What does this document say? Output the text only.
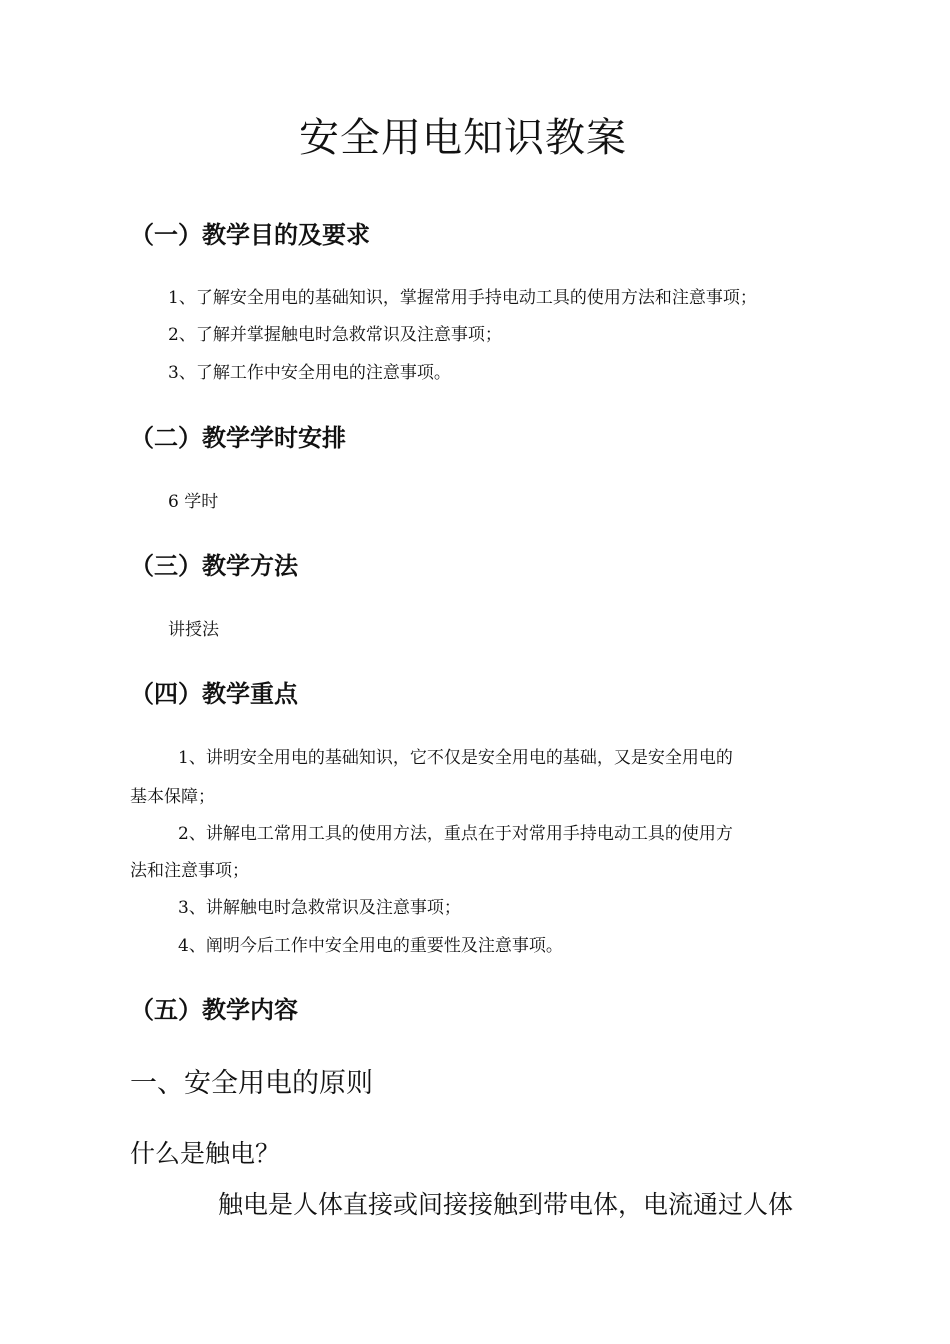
安全用电知识教案
（一）教学目的及要求
1、了解安全用电的基础知识，掌握常用手持电动工具的使用方法和注意事项；
2、了解并掌握触电时急救常识及注意事项；
3、了解工作中安全用电的注意事项。
（二）教学学时安排
6 学时
（三）教学方法
讲授法
（四）教学重点
1、讲明安全用电的基础知识，它不仅是安全用电的基础，又是安全用电的
基本保障；
2、讲解电工常用工具的使用方法，重点在于对常用手持电动工具的使用方
法和注意事项；
3、讲解触电时急救常识及注意事项；
4、阐明今后工作中安全用电的重要性及注意事项。
（五）教学内容
一、安全用电的原则
什么是触电？
触电是人体直接或间接接触到带电体，电流通过人体
